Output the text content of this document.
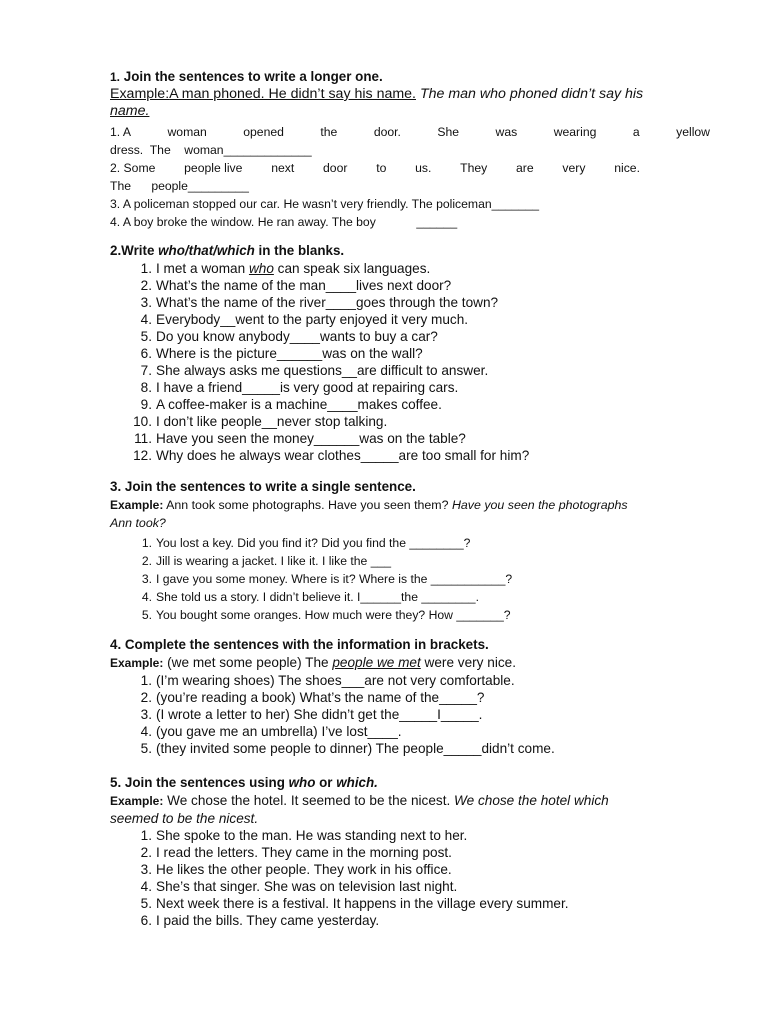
1. Join the sentences to write a longer one.
Example:A man phoned. He didn’t say his name. The man who phoned didn’t say his
name.
1. A	woman	opened	the	door.	She	was	wearing	a	yellow
dress.  The    woman_____________
2. Some people live next door to us. They are very nice.
The      people_________
3. A policeman stopped our car. He wasn’t very friendly. The policeman_______
4. A boy broke the window. He ran away. The boy            ______
2.Write who/that/which in the blanks.
1. I met a woman who can speak six languages.
2. What’s the name of the man____lives next door?
3. What’s the name of the river____goes through the town?
4. Everybody__went to the party enjoyed it very much.
5. Do you know anybody____wants to buy a car?
6. Where is the picture______was on the wall?
7. She always asks me questions__are difficult to answer.
8. I have a friend_____is very good at repairing cars.
9. A coffee-maker is a machine____makes coffee.
10. I don’t like people__never stop talking.
11. Have you seen the money______was on the table?
12. Why does he always wear clothes_____are too small for him?
3. Join the sentences to write a single sentence.
Example: Ann took some photographs. Have you seen them? Have you seen the photographs
Ann took?
1. You lost a key. Did you find it? Did you find the ________?
2. Jill is wearing a jacket. I like it. I like the ___
3. I gave you some money. Where is it? Where is the ___________?
4. She told us a story. I didn’t believe it. I______the ________.
5. You bought some oranges. How much were they? How _______?
4. Complete the sentences with the information in brackets.
Example: (we met some people) The people we met were very nice.
1. (I’m wearing shoes) The shoes___are not very comfortable.
2. (you’re reading a book) What’s the name of the_____?
3. (I wrote a letter to her) She didn’t get the_____I_____.
4. (you gave me an umbrella) I’ve lost____.
5. (they invited some people to dinner) The people_____didn’t come.
5. Join the sentences using who or which.
Example: We chose the hotel. It seemed to be the nicest. We chose the hotel which
seemed to be the nicest.
1. She spoke to the man. He was standing next to her.
2. I read the letters. They came in the morning post.
3. He likes the other people. They work in his office.
4. She’s that singer. She was on television last night.
5. Next week there is a festival. It happens in the village every summer.
6. I paid the bills. They came yesterday.
